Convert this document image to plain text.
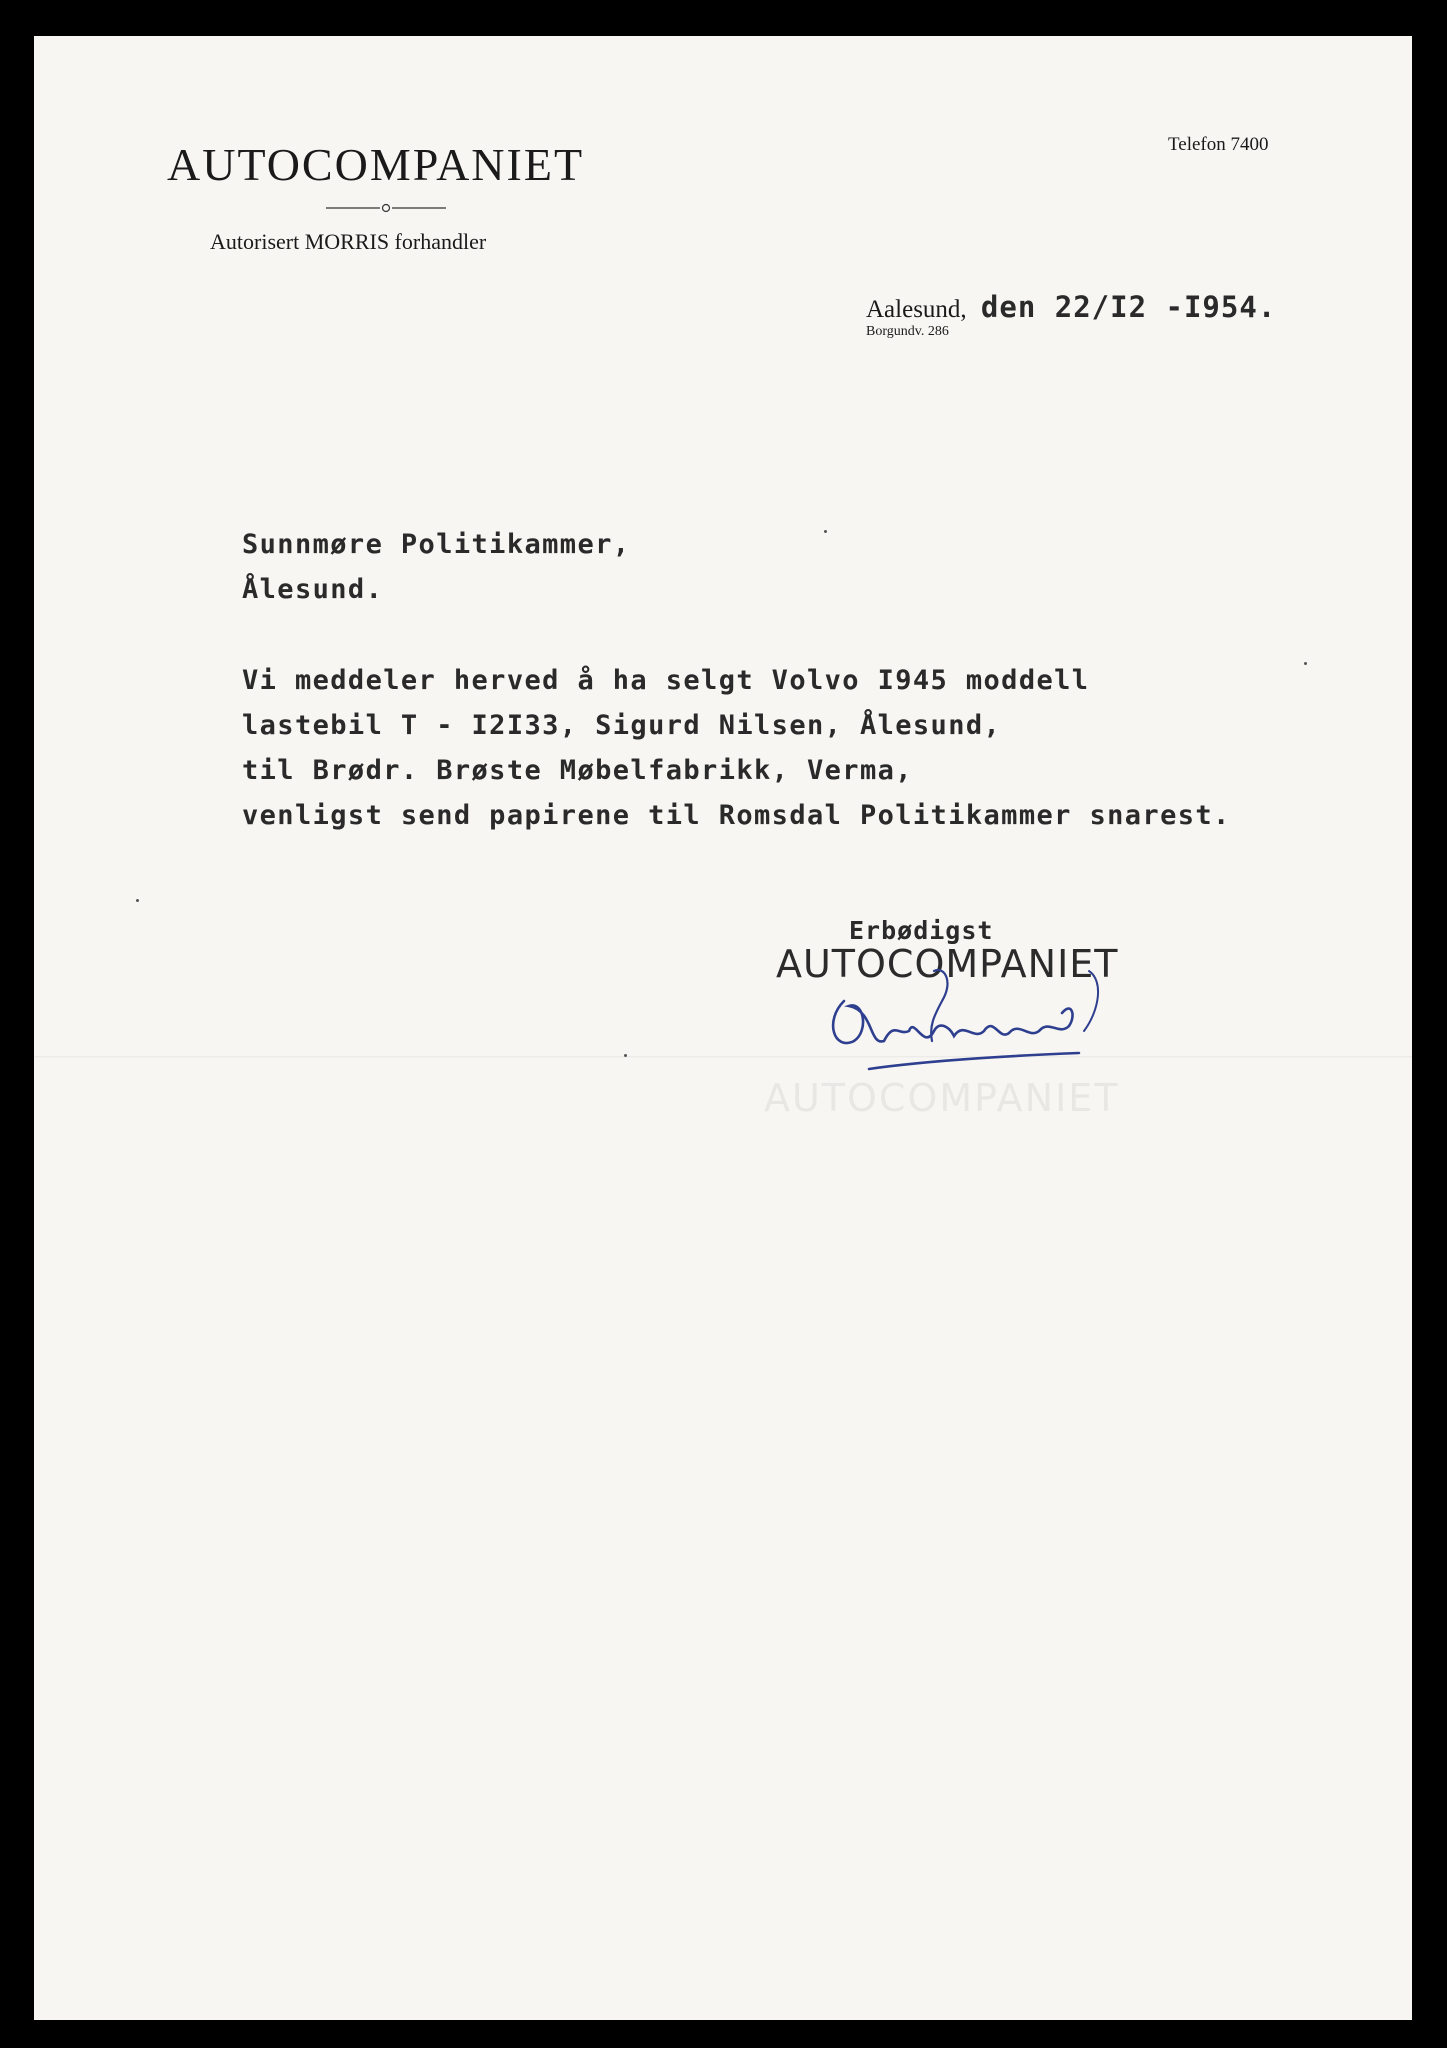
AUTOCOMPANIET
Autorisert MORRIS forhandler
Telefon 7400
Aalesund, den 22/I2 -I954.
Borgundv. 286
Sunnmøre Politikammer,
Ålesund.
Vi meddeler herved å ha selgt Volvo I945 moddell
lastebil T - I2I33, Sigurd Nilsen, Ålesund,
til Brødr. Brøste Møbelfabrikk, Verma,
venligst send papirene til Romsdal Politikammer snarest.
Erbødigst
AUTOCOMPANIET
AUTOCOMPANIET
